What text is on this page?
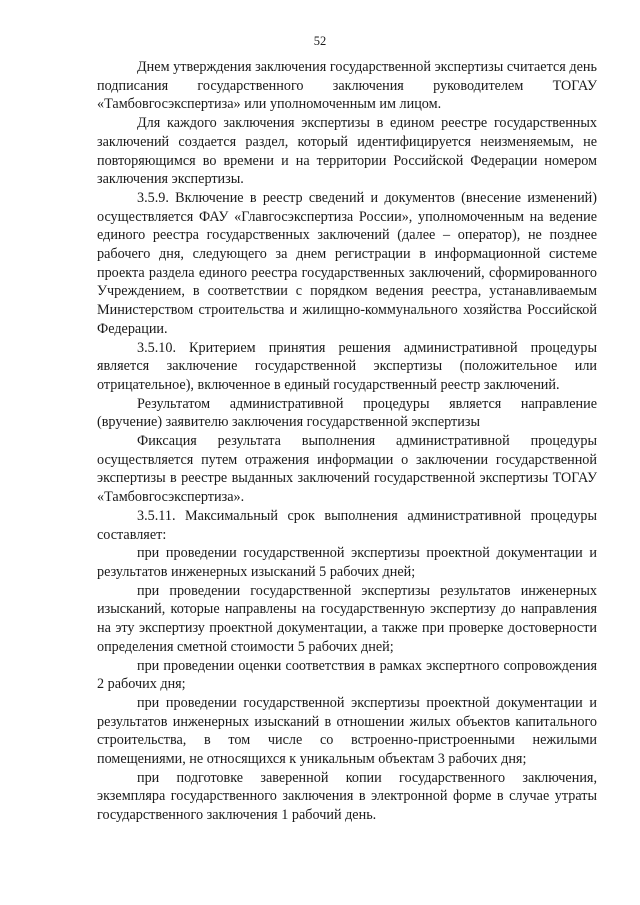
52

Днем утверждения заключения государственной экспертизы считается день подписания государственного заключения руководителем ТОГАУ «Тамбовгосэкспертиза» или уполномоченным им лицом.

Для каждого заключения экспертизы в едином реестре государственных заключений создается раздел, который идентифицируется неизменяемым, не повторяющимся во времени и на территории Российской Федерации номером заключения экспертизы.

3.5.9. Включение в реестр сведений и документов (внесение изменений) осуществляется ФАУ «Главгосэкспертиза России», уполномоченным на ведение единого реестра государственных заключений (далее – оператор), не позднее рабочего дня, следующего за днем регистрации в информационной системе проекта раздела единого реестра государственных заключений, сформированного Учреждением, в соответствии с порядком ведения реестра, устанавливаемым Министерством строительства и жилищно-коммунального хозяйства Российской Федерации.

3.5.10. Критерием принятия решения административной процедуры является заключение государственной экспертизы (положительное или отрицательное), включенное в единый государственный реестр заключений.

Результатом административной процедуры является направление (вручение) заявителю заключения государственной экспертизы

Фиксация результата выполнения административной процедуры осуществляется путем отражения информации о заключении государственной экспертизы в реестре выданных заключений государственной экспертизы ТОГАУ «Тамбовгосэкспертиза».

3.5.11. Максимальный срок выполнения административной процедуры составляет:

при проведении государственной экспертизы проектной документации и результатов инженерных изысканий 5 рабочих дней;

при проведении государственной экспертизы результатов инженерных изысканий, которые направлены на государственную экспертизу до направления на эту экспертизу проектной документации, а также при проверке достоверности определения сметной стоимости 5 рабочих дней;

при проведении оценки соответствия в рамках экспертного сопровождения 2 рабочих дня;

при проведении государственной экспертизы проектной документации и результатов инженерных изысканий в отношении жилых объектов капитального строительства, в том числе со встроенно-пристроенными нежилыми помещениями, не относящихся к уникальным объектам 3 рабочих дня;

при подготовке заверенной копии государственного заключения, экземпляра государственного заключения в электронной форме в случае утраты государственного заключения 1 рабочий день.
